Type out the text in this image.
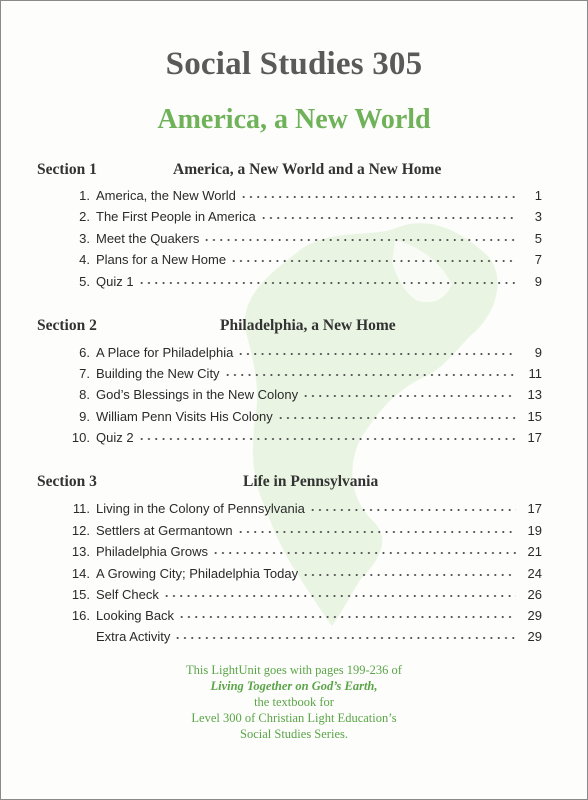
Social Studies 305
America, a New World
Section 1	America, a New World and a New Home
1. America, the New World	1
2. The First People in America	3
3. Meet the Quakers	5
4. Plans for a New Home	7
5. Quiz 1	9
Section 2	Philadelphia, a New Home
6. A Place for Philadelphia	9
7. Building the New City	11
8. God’s Blessings in the New Colony	13
9. William Penn Visits His Colony	15
10. Quiz 2	17
Section 3	Life in Pennsylvania
11. Living in the Colony of Pennsylvania	17
12. Settlers at Germantown	19
13. Philadelphia Grows	21
14. A Growing City; Philadelphia Today	24
15. Self Check	26
16. Looking Back	29
Extra Activity	29
This LightUnit goes with pages 199-236 of
Living Together on God’s Earth,
the textbook for
Level 300 of Christian Light Education’s
Social Studies Series.
